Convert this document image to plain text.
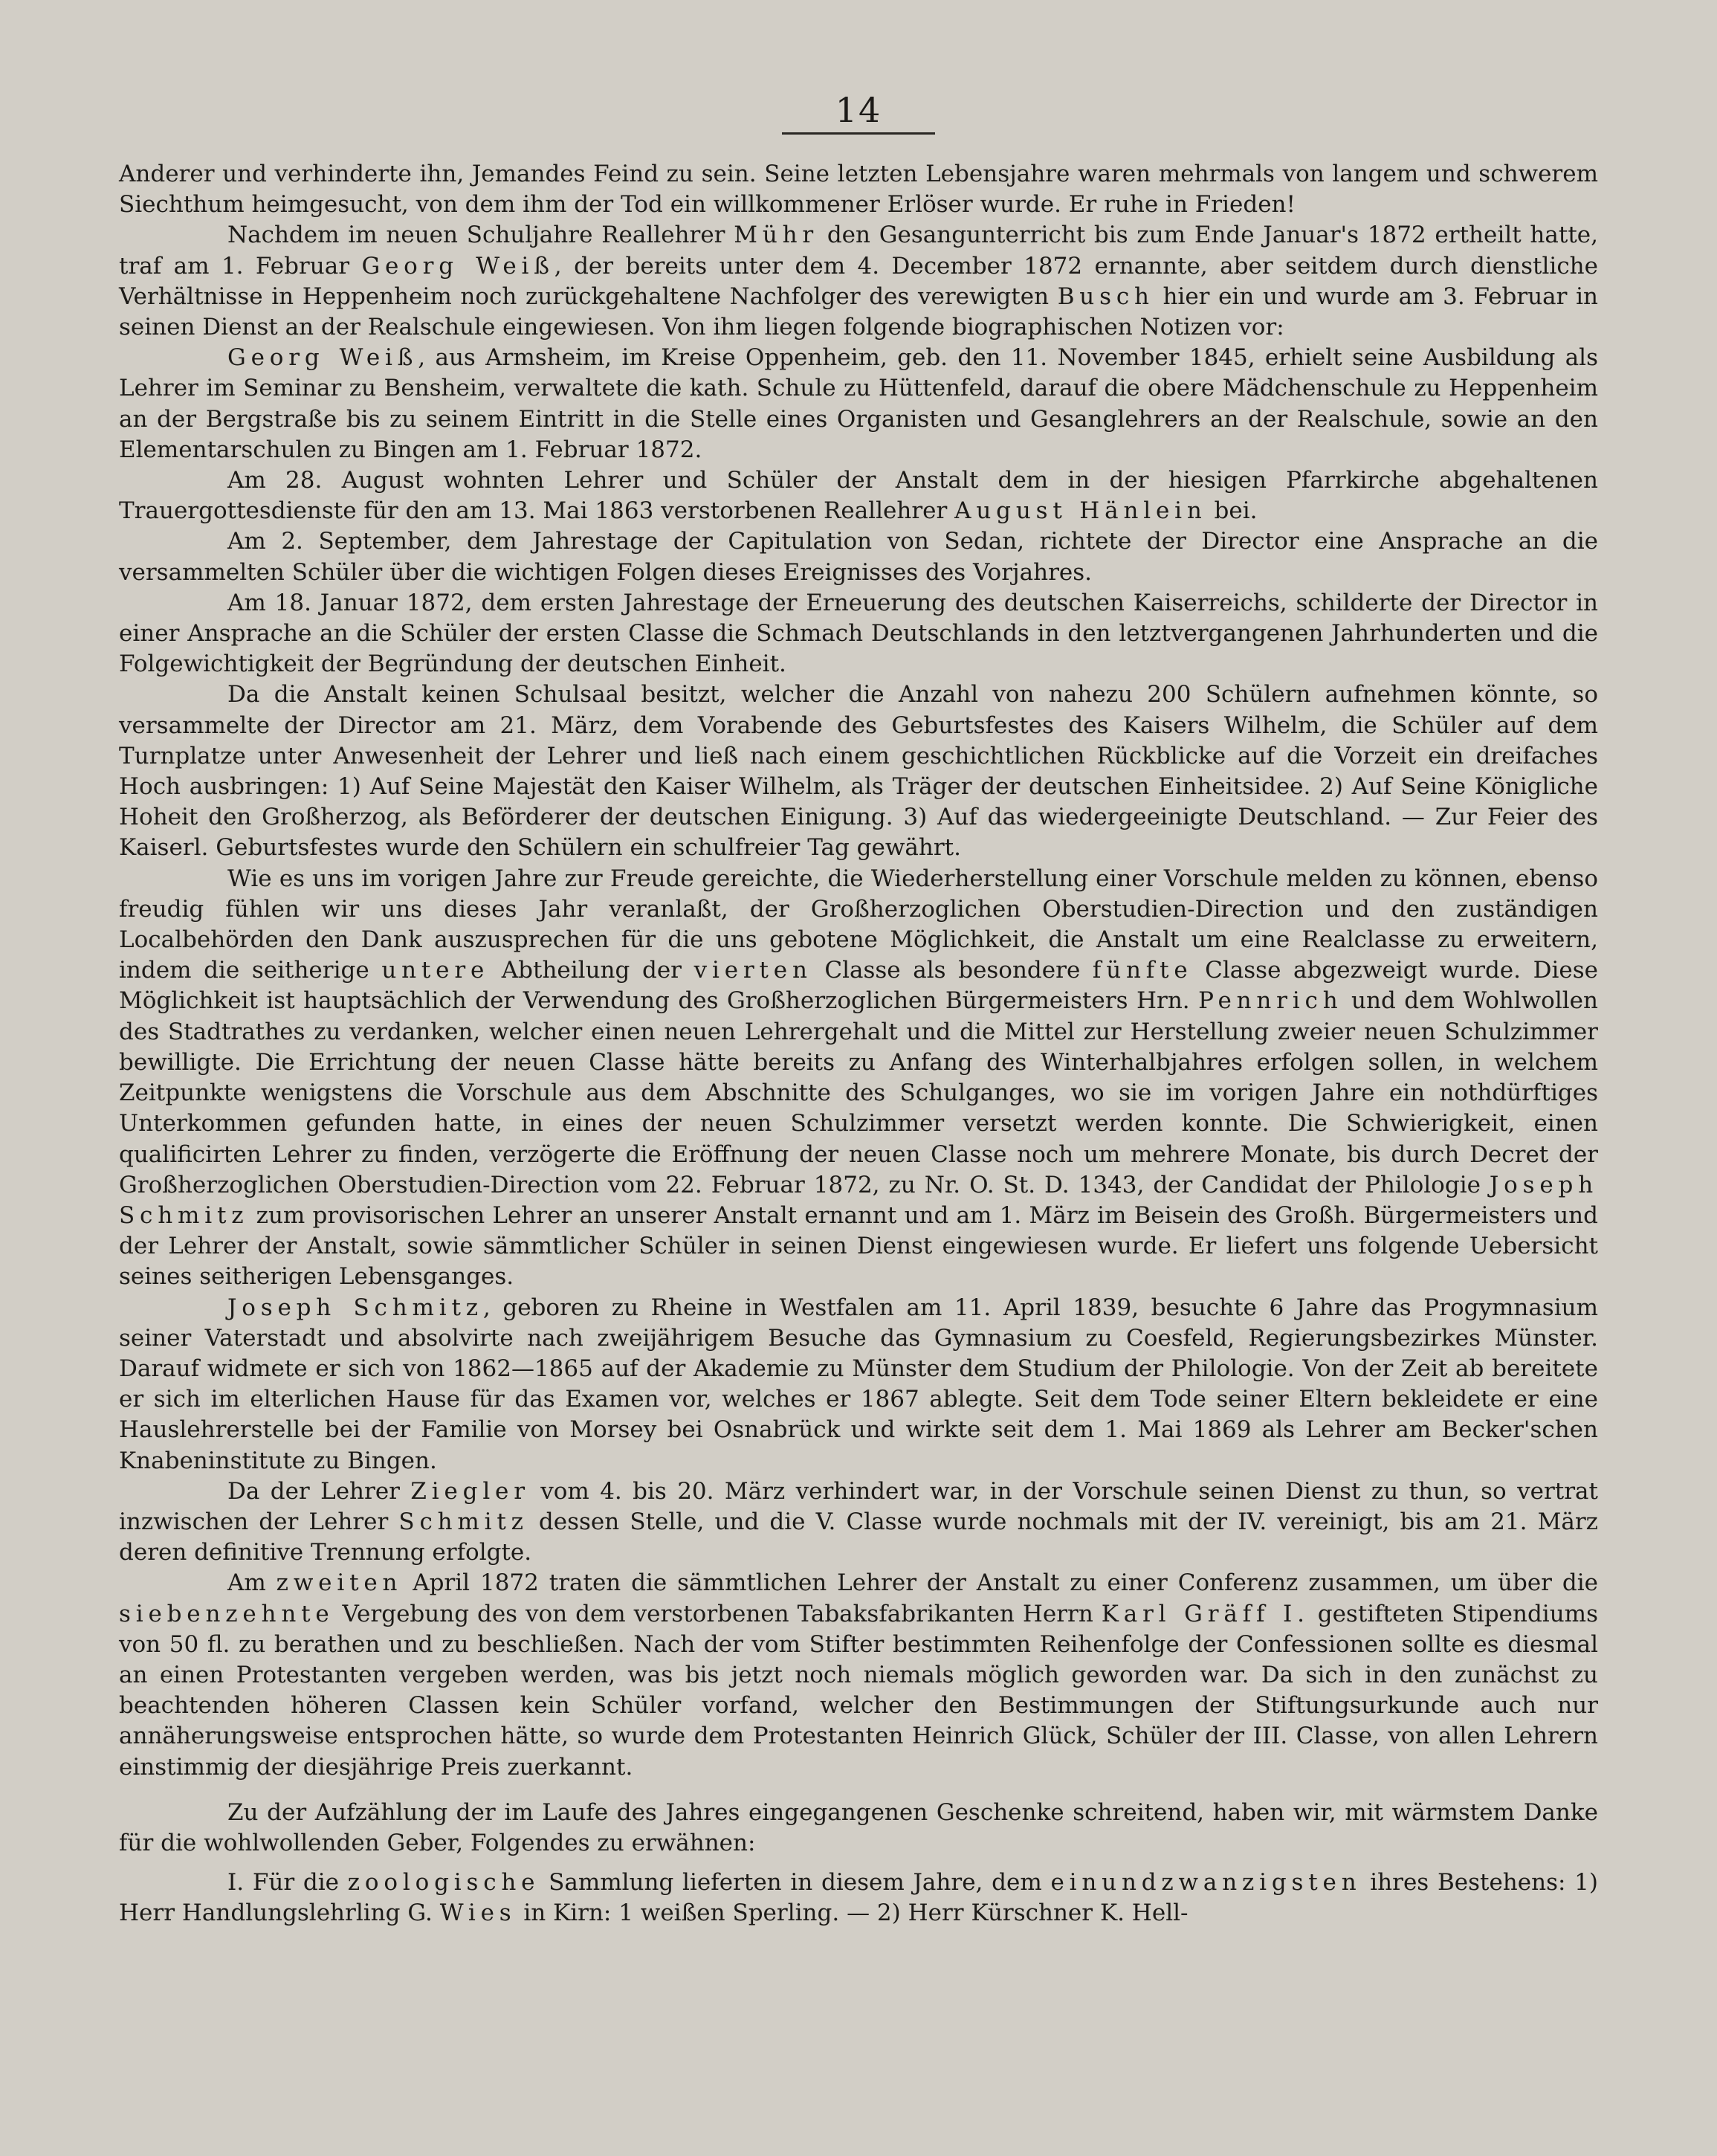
14

Anderer und verhinderte ihn, Jemandes Feind zu sein. Seine letzten Lebensjahre waren mehrmals von langem und schwerem Siechthum heimgesucht, von dem ihm der Tod ein willkommener Erlöser wurde. Er ruhe in Frieden!

Nachdem im neuen Schuljahre Reallehrer Mühr den Gesangunterricht bis zum Ende Januar's 1872 ertheilt hatte, traf am 1. Februar Georg Weiß, der bereits unter dem 4. December 1872 ernannte, aber seitdem durch dienstliche Verhältnisse in Heppenheim noch zurückgehaltene Nachfolger des verewigten Busch hier ein und wurde am 3. Februar in seinen Dienst an der Realschule eingewiesen. Von ihm liegen folgende biographischen Notizen vor:

Georg Weiß, aus Armsheim, im Kreise Oppenheim, geb. den 11. November 1845, erhielt seine Ausbildung als Lehrer im Seminar zu Bensheim, verwaltete die kath. Schule zu Hüttenfeld, darauf die obere Mädchenschule zu Heppenheim an der Bergstraße bis zu seinem Eintritt in die Stelle eines Organisten und Gesanglehrers an der Realschule, sowie an den Elementarschulen zu Bingen am 1. Februar 1872.

Am 28. August wohnten Lehrer und Schüler der Anstalt dem in der hiesigen Pfarrkirche abgehaltenen Trauergottesdienste für den am 13. Mai 1863 verstorbenen Reallehrer August Hänlein bei.

Am 2. September, dem Jahrestage der Capitulation von Sedan, richtete der Director eine Ansprache an die versammelten Schüler über die wichtigen Folgen dieses Ereignisses des Vorjahres.

Am 18. Januar 1872, dem ersten Jahrestage der Erneuerung des deutschen Kaiserreichs, schilderte der Director in einer Ansprache an die Schüler der ersten Classe die Schmach Deutschlands in den letztvergangenen Jahrhunderten und die Folgewichtigkeit der Begründung der deutschen Einheit.

Da die Anstalt keinen Schulsaal besitzt, welcher die Anzahl von nahezu 200 Schülern aufnehmen könnte, so versammelte der Director am 21. März, dem Vorabende des Geburtsfestes des Kaisers Wilhelm, die Schüler auf dem Turnplatze unter Anwesenheit der Lehrer und ließ nach einem geschichtlichen Rückblicke auf die Vorzeit ein dreifaches Hoch ausbringen: 1) Auf Seine Majestät den Kaiser Wilhelm, als Träger der deutschen Einheitsidee. 2) Auf Seine Königliche Hoheit den Großherzog, als Beförderer der deutschen Einigung. 3) Auf das wiedergeeinigte Deutschland. — Zur Feier des Kaiserl. Geburtsfestes wurde den Schülern ein schulfreier Tag gewährt.

Wie es uns im vorigen Jahre zur Freude gereichte, die Wiederherstellung einer Vorschule melden zu können, ebenso freudig fühlen wir uns dieses Jahr veranlaßt, der Großherzoglichen Oberstudien-Direction und den zuständigen Localbehörden den Dank auszusprechen für die uns gebotene Möglichkeit, die Anstalt um eine Realclasse zu erweitern, indem die seitherige untere Abtheilung der vierten Classe als besondere fünfte Classe abgezweigt wurde. Diese Möglichkeit ist hauptsächlich der Verwendung des Großherzoglichen Bürgermeisters Hrn. Pennrich und dem Wohlwollen des Stadtrathes zu verdanken, welcher einen neuen Lehrergehalt und die Mittel zur Herstellung zweier neuen Schulzimmer bewilligte. Die Errichtung der neuen Classe hätte bereits zu Anfang des Winterhalbjahres erfolgen sollen, in welchem Zeitpunkte wenigstens die Vorschule aus dem Abschnitte des Schulganges, wo sie im vorigen Jahre ein nothdürftiges Unterkommen gefunden hatte, in eines der neuen Schulzimmer versetzt werden konnte. Die Schwierigkeit, einen qualificirten Lehrer zu finden, verzögerte die Eröffnung der neuen Classe noch um mehrere Monate, bis durch Decret der Großherzoglichen Oberstudien-Direction vom 22. Februar 1872, zu Nr. O. St. D. 1343, der Candidat der Philologie Joseph Schmitz zum provisorischen Lehrer an unserer Anstalt ernannt und am 1. März im Beisein des Großh. Bürgermeisters und der Lehrer der Anstalt, sowie sämmtlicher Schüler in seinen Dienst eingewiesen wurde. Er liefert uns folgende Uebersicht seines seitherigen Lebensganges.

Joseph Schmitz, geboren zu Rheine in Westfalen am 11. April 1839, besuchte 6 Jahre das Progymnasium seiner Vaterstadt und absolvirte nach zweijährigem Besuche das Gymnasium zu Coesfeld, Regierungsbezirkes Münster. Darauf widmete er sich von 1862—1865 auf der Akademie zu Münster dem Studium der Philologie. Von der Zeit ab bereitete er sich im elterlichen Hause für das Examen vor, welches er 1867 ablegte. Seit dem Tode seiner Eltern bekleidete er eine Hauslehrerstelle bei der Familie von Morsey bei Osnabrück und wirkte seit dem 1. Mai 1869 als Lehrer am Becker'schen Knabeninstitute zu Bingen.

Da der Lehrer Ziegler vom 4. bis 20. März verhindert war, in der Vorschule seinen Dienst zu thun, so vertrat inzwischen der Lehrer Schmitz dessen Stelle, und die V. Classe wurde nochmals mit der IV. vereinigt, bis am 21. März deren definitive Trennung erfolgte.

Am zweiten April 1872 traten die sämmtlichen Lehrer der Anstalt zu einer Conferenz zusammen, um über die siebenzehnte Vergebung des von dem verstorbenen Tabaksfabrikanten Herrn Karl Gräff I. gestifteten Stipendiums von 50 fl. zu berathen und zu beschließen. Nach der vom Stifter bestimmten Reihenfolge der Confessionen sollte es diesmal an einen Protestanten vergeben werden, was bis jetzt noch niemals möglich geworden war. Da sich in den zunächst zu beachtenden höheren Classen kein Schüler vorfand, welcher den Bestimmungen der Stiftungsurkunde auch nur annäherungsweise entsprochen hätte, so wurde dem Protestanten Heinrich Glück, Schüler der III. Classe, von allen Lehrern einstimmig der diesjährige Preis zuerkannt.

Zu der Aufzählung der im Laufe des Jahres eingegangenen Geschenke schreitend, haben wir, mit wärmstem Danke für die wohlwollenden Geber, Folgendes zu erwähnen:

I. Für die zoologische Sammlung lieferten in diesem Jahre, dem einundzwanzigsten ihres Bestehens: 1) Herr Handlungslehrling G. Wies in Kirn: 1 weißen Sperling. — 2) Herr Kürschner K. Hell-
